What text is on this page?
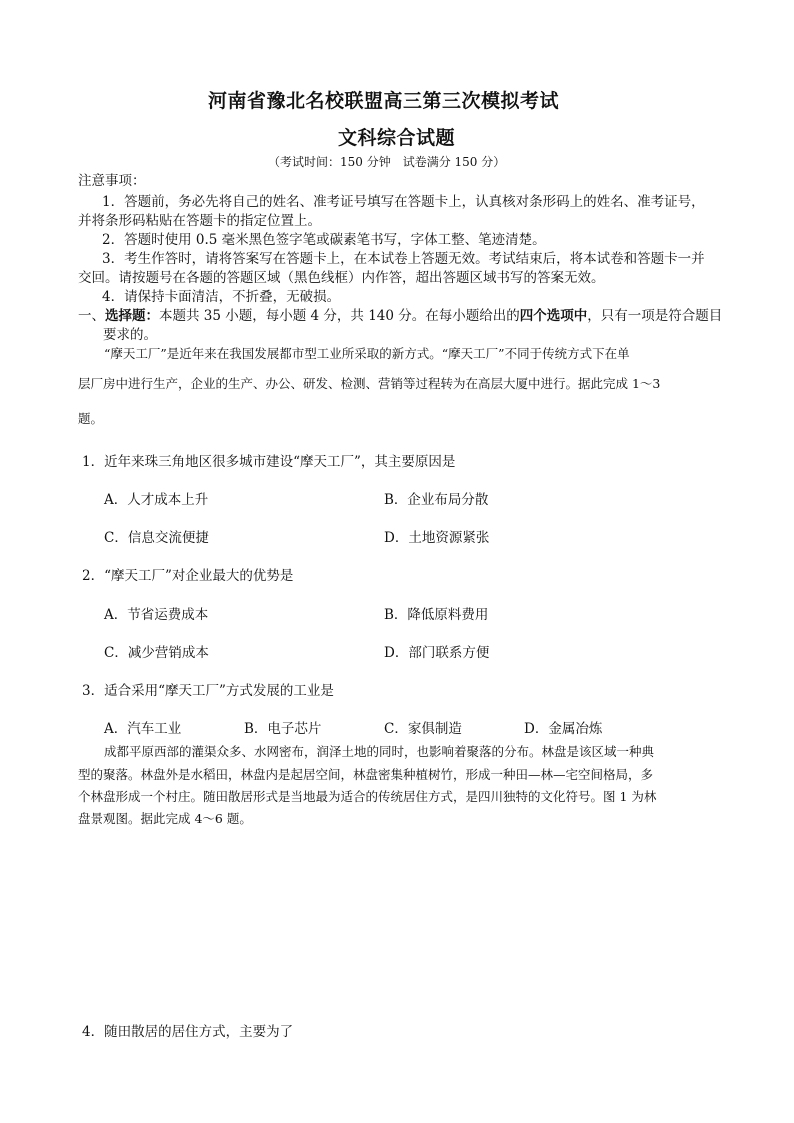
河南省豫北名校联盟高三第三次模拟考试
文科综合试题
（考试时间：150 分钟　试卷满分 150 分）
注意事项：
1．答题前，务必先将自己的姓名、准考证号填写在答题卡上，认真核对条形码上的姓名、准考证号，
并将条形码粘贴在答题卡的指定位置上。
2．答题时使用 0.5 毫米黑色签字笔或碳素笔书写，字体工整、笔迹清楚。
3．考生作答时，请将答案写在答题卡上，在本试卷上答题无效。考试结束后，将本试卷和答题卡一并
交回。请按题号在各题的答题区域（黑色线框）内作答，超出答题区域书写的答案无效。
4．请保持卡面清洁，不折叠，无破损。
一、选择题：本题共 35 小题，每小题 4 分，共 140 分。在每小题给出的四个选项中，只有一项是符合题目
要求的。
“摩天工厂”是近年来在我国发展都市型工业所采取的新方式。“摩天工厂”不同于传统方式下在单
层厂房中进行生产，企业的生产、办公、研发、检测、营销等过程转为在高层大厦中进行。据此完成 1～3
题。
1．近年来珠三角地区很多城市建设“摩天工厂”，其主要原因是
A．人才成本上升	B．企业布局分散
C．信息交流便捷	D．土地资源紧张
2．“摩天工厂”对企业最大的优势是
A．节省运费成本	B．降低原料费用
C．减少营销成本	D．部门联系方便
3．适合采用“摩天工厂”方式发展的工业是
A．汽车工业	B．电子芯片	C．家俱制造	D．金属冶炼
成都平原西部的灌渠众多、水网密布，润泽土地的同时，也影响着聚落的分布。林盘是该区域一种典
型的聚落。林盘外是水稻田，林盘内是起居空间，林盘密集种植树竹，形成一种田—林—宅空间格局，多
个林盘形成一个村庄。随田散居形式是当地最为适合的传统居住方式，是四川独特的文化符号。图 1 为林
盘景观图。据此完成 4～6 题。
4．随田散居的居住方式，主要为了
